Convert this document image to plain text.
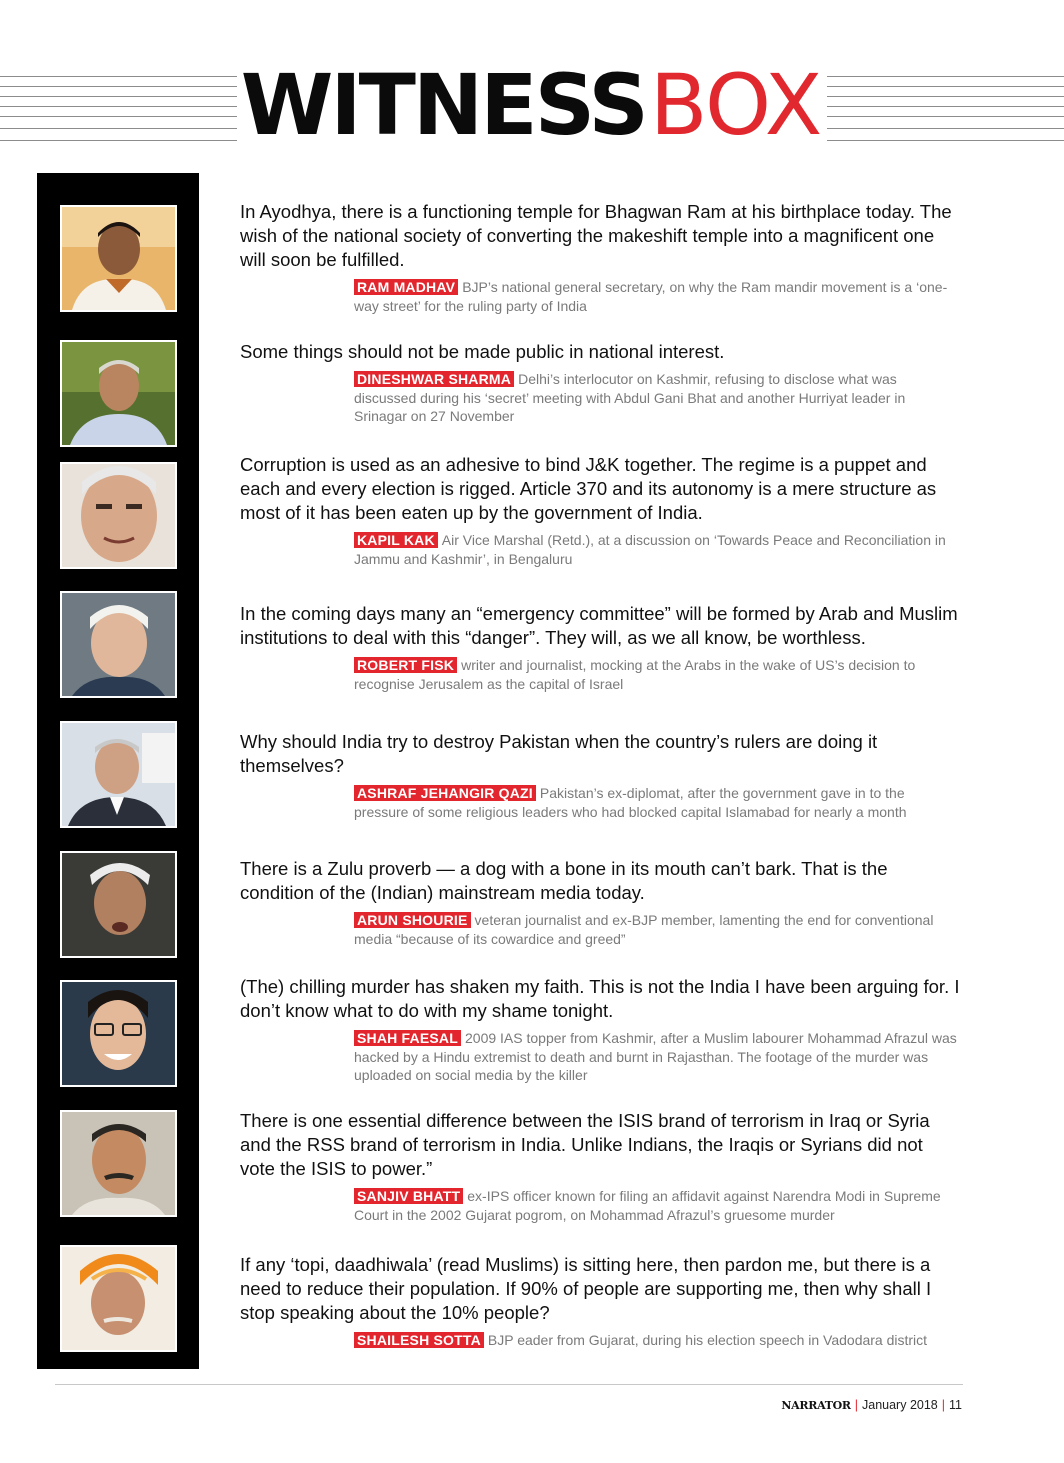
WITNESSBOX

In Ayodhya, there is a functioning temple for Bhagwan Ram at his birthplace today. The wish of the national society of converting the makeshift temple into a magnificent one will soon be fulfilled.

RAM MADHAV BJP’s national general secretary, on why the Ram mandir movement is a ‘one-way street’ for the ruling party of India

Some things should not be made public in national interest.

DINESHWAR SHARMA Delhi’s interlocutor on Kashmir, refusing to disclose what was discussed during his ‘secret’ meeting with Abdul Gani Bhat and another Hurriyat leader in Srinagar on 27 November

Corruption is used as an adhesive to bind J&K together. The regime is a puppet and each and every election is rigged. Article 370 and its autonomy is a mere structure as most of it has been eaten up by the government of India.

KAPIL KAK Air Vice Marshal (Retd.), at a discussion on ‘Towards Peace and Reconciliation in Jammu and Kashmir’, in Bengaluru

In the coming days many an “emergency committee” will be formed by Arab and Muslim institutions to deal with this “danger”. They will, as we all know, be worthless.

ROBERT FISK writer and journalist, mocking at the Arabs in the wake of US’s decision to recognise Jerusalem as the capital of Israel

Why should India try to destroy Pakistan when the country’s rulers are doing it themselves?

ASHRAF JEHANGIR QAZI Pakistan’s ex-diplomat, after the government gave in to the pressure of some religious leaders who had blocked capital Islamabad for nearly a month

There is a Zulu proverb — a dog with a bone in its mouth can’t bark. That is the condition of the (Indian) mainstream media today.

ARUN SHOURIE veteran journalist and ex-BJP member, lamenting the end for conventional media “because of its cowardice and greed”

(The) chilling murder has shaken my faith. This is not the India I have been arguing for. I don’t know what to do with my shame tonight.

SHAH FAESAL 2009 IAS topper from Kashmir, after a Muslim labourer Mohammad Afrazul was hacked by a Hindu extremist to death and burnt in Rajasthan. The footage of the murder was uploaded on social media by the killer

There is one essential difference between the ISIS brand of terrorism in Iraq or Syria and the RSS brand of terrorism in India. Unlike Indians, the Iraqis or Syrians did not vote the ISIS to power.”

SANJIV BHATT ex-IPS officer known for filing an affidavit against Narendra Modi in Supreme Court in the 2002 Gujarat pogrom, on Mohammad Afrazul’s gruesome murder

If any ‘topi, daadhiwala’ (read Muslims) is sitting here, then pardon me, but there is a need to reduce their population. If 90% of people are supporting me, then why shall I stop speaking about the 10% people?

SHAILESH SOTTA BJP eader from Gujarat, during his election speech in Vadodara district

NARRATOR | January 2018 | 11
